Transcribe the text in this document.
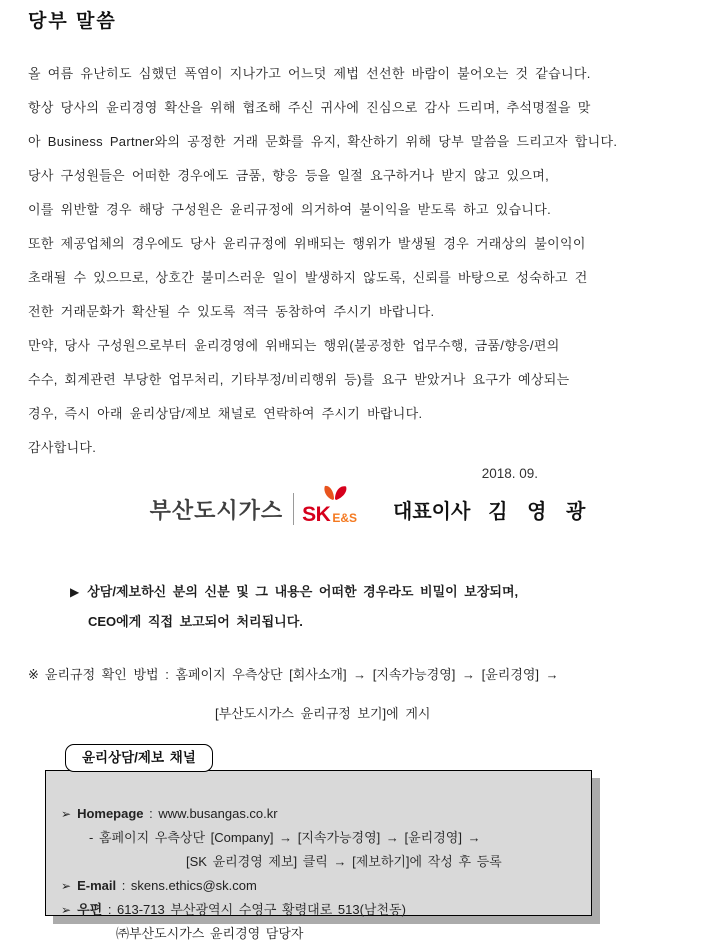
당부 말씀
올 여름 유난히도 심했던 폭염이 지나가고 어느덧 제법 선선한 바람이 불어오는 것 같습니다.
항상 당사의 윤리경영 확산을 위해 협조해 주신 귀사에 진심으로 감사 드리며, 추석명절을 맞
아 Business Partner와의 공정한 거래 문화를 유지, 확산하기 위해 당부 말씀을 드리고자 합니다.
당사 구성원들은 어떠한 경우에도 금품, 향응 등을 일절 요구하거나 받지 않고 있으며,
이를 위반할 경우 해당 구성원은 윤리규정에 의거하여 불이익을 받도록 하고 있습니다.
또한 제공업체의 경우에도 당사 윤리규정에 위배되는 행위가 발생될 경우 거래상의 불이익이
초래될 수 있으므로, 상호간 불미스러운 일이 발생하지 않도록, 신뢰를 바탕으로 성숙하고 건
전한 거래문화가 확산될 수 있도록 적극 동참하여 주시기 바랍니다.
만약, 당사 구성원으로부터 윤리경영에 위배되는 행위(불공정한 업무수행, 금품/향응/편의
수수, 회계관련 부당한 업무처리, 기타부정/비리행위 등)를 요구 받았거나 요구가 예상되는
경우, 즉시 아래 윤리상담/제보 채널로 연락하여 주시기 바랍니다.
감사합니다.
2018. 09.
부산도시가스 SK E&S 대표이사 김 영 광
▶ 상담/제보하신 분의 신분 및 그 내용은 어떠한 경우라도 비밀이 보장되며,
CEO에게 직접 보고되어 처리됩니다.
※ 윤리규정 확인 방법 : 홈페이지 우측상단 [회사소개] → [지속가능경영] → [윤리경영] →
[부산도시가스 윤리규정 보기]에 게시
윤리상담/제보 채널
➢ Homepage : www.busangas.co.kr
- 홈페이지 우측상단 [Company] → [지속가능경영] → [윤리경영] →
[SK 윤리경영 제보] 클릭 → [제보하기]에 작성 후 등록
➢ E-mail : skens.ethics@sk.com
➢ 우편 : 613-713 부산광역시 수영구 황령대로 513(남천동)
㈜부산도시가스 윤리경영 담당자
